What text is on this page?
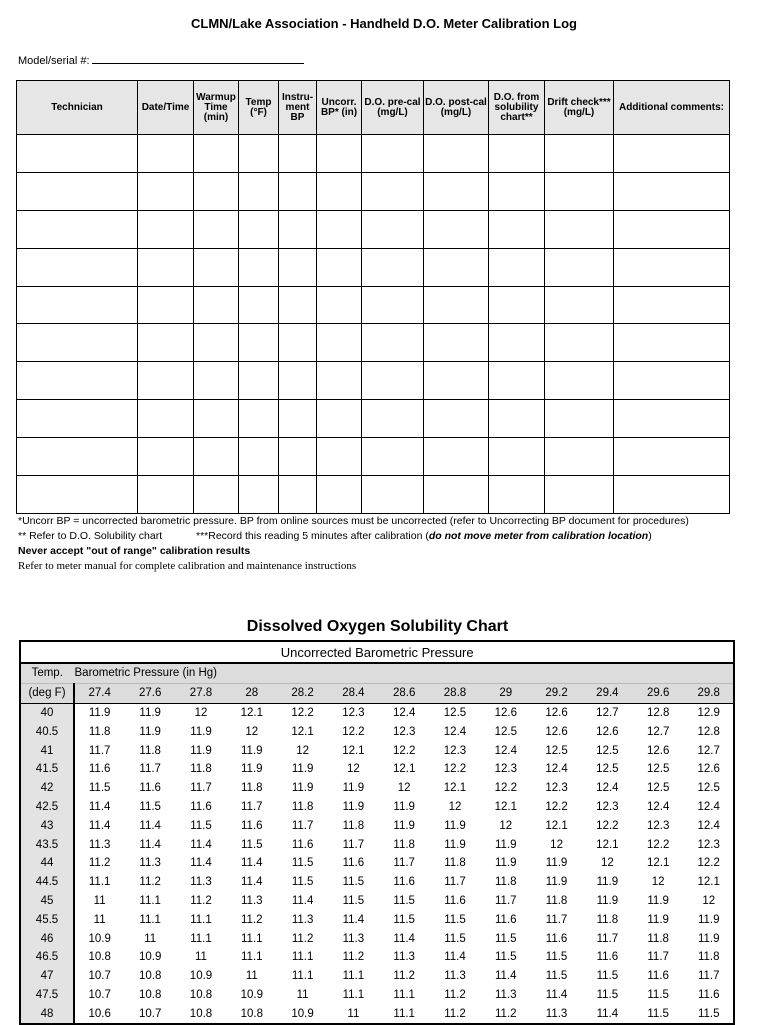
CLMN/Lake Association - Handheld D.O. Meter Calibration Log
Model/serial #:
Technician	Date/Time	Warmup Time (min)	Temp (°F)	Instru-ment BP	Uncorr. BP* (in)	D.O. pre-cal (mg/L)	D.O. post-cal (mg/L)	D.O. from solubility chart**	Drift check*** (mg/L)	Additional comments:

*Uncorr BP = uncorrected barometric pressure. BP from online sources must be uncorrected (refer to Uncorrecting BP document for procedures)
** Refer to D.O. Solubility chart	***Record this reading 5 minutes after calibration (do not move meter from calibration location)
Never accept "out of range" calibration results
Refer to meter manual for complete calibration and maintenance instructions
Dissolved Oxygen Solubility Chart
Uncorrected Barometric Pressure													
Temp.	Barometric Pressure (in Hg)												
(deg F)	27.4	27.6	27.8	28	28.2	28.4	28.6	28.8	29	29.2	29.4	29.6	29.8
40	11.9	11.9	12	12.1	12.2	12.3	12.4	12.5	12.6	12.6	12.7	12.8	12.9
40.5	11.8	11.9	11.9	12	12.1	12.2	12.3	12.4	12.5	12.6	12.6	12.7	12.8
41	11.7	11.8	11.9	11.9	12	12.1	12.2	12.3	12.4	12.5	12.5	12.6	12.7
41.5	11.6	11.7	11.8	11.9	11.9	12	12.1	12.2	12.3	12.4	12.5	12.5	12.6
42	11.5	11.6	11.7	11.8	11.9	11.9	12	12.1	12.2	12.3	12.4	12.5	12.5
42.5	11.4	11.5	11.6	11.7	11.8	11.9	11.9	12	12.1	12.2	12.3	12.4	12.4
43	11.4	11.4	11.5	11.6	11.7	11.8	11.9	11.9	12	12.1	12.2	12.3	12.4
43.5	11.3	11.4	11.4	11.5	11.6	11.7	11.8	11.9	11.9	12	12.1	12.2	12.3
44	11.2	11.3	11.4	11.4	11.5	11.6	11.7	11.8	11.9	11.9	12	12.1	12.2
44.5	11.1	11.2	11.3	11.4	11.5	11.5	11.6	11.7	11.8	11.9	11.9	12	12.1
45	11	11.1	11.2	11.3	11.4	11.5	11.5	11.6	11.7	11.8	11.9	11.9	12
45.5	11	11.1	11.1	11.2	11.3	11.4	11.5	11.5	11.6	11.7	11.8	11.9	11.9
46	10.9	11	11.1	11.1	11.2	11.3	11.4	11.5	11.5	11.6	11.7	11.8	11.9
46.5	10.8	10.9	11	11.1	11.1	11.2	11.3	11.4	11.5	11.5	11.6	11.7	11.8
47	10.7	10.8	10.9	11	11.1	11.1	11.2	11.3	11.4	11.5	11.5	11.6	11.7
47.5	10.7	10.8	10.8	10.9	11	11.1	11.1	11.2	11.3	11.4	11.5	11.5	11.6
48	10.6	10.7	10.8	10.8	10.9	11	11.1	11.2	11.2	11.3	11.4	11.5	11.5
